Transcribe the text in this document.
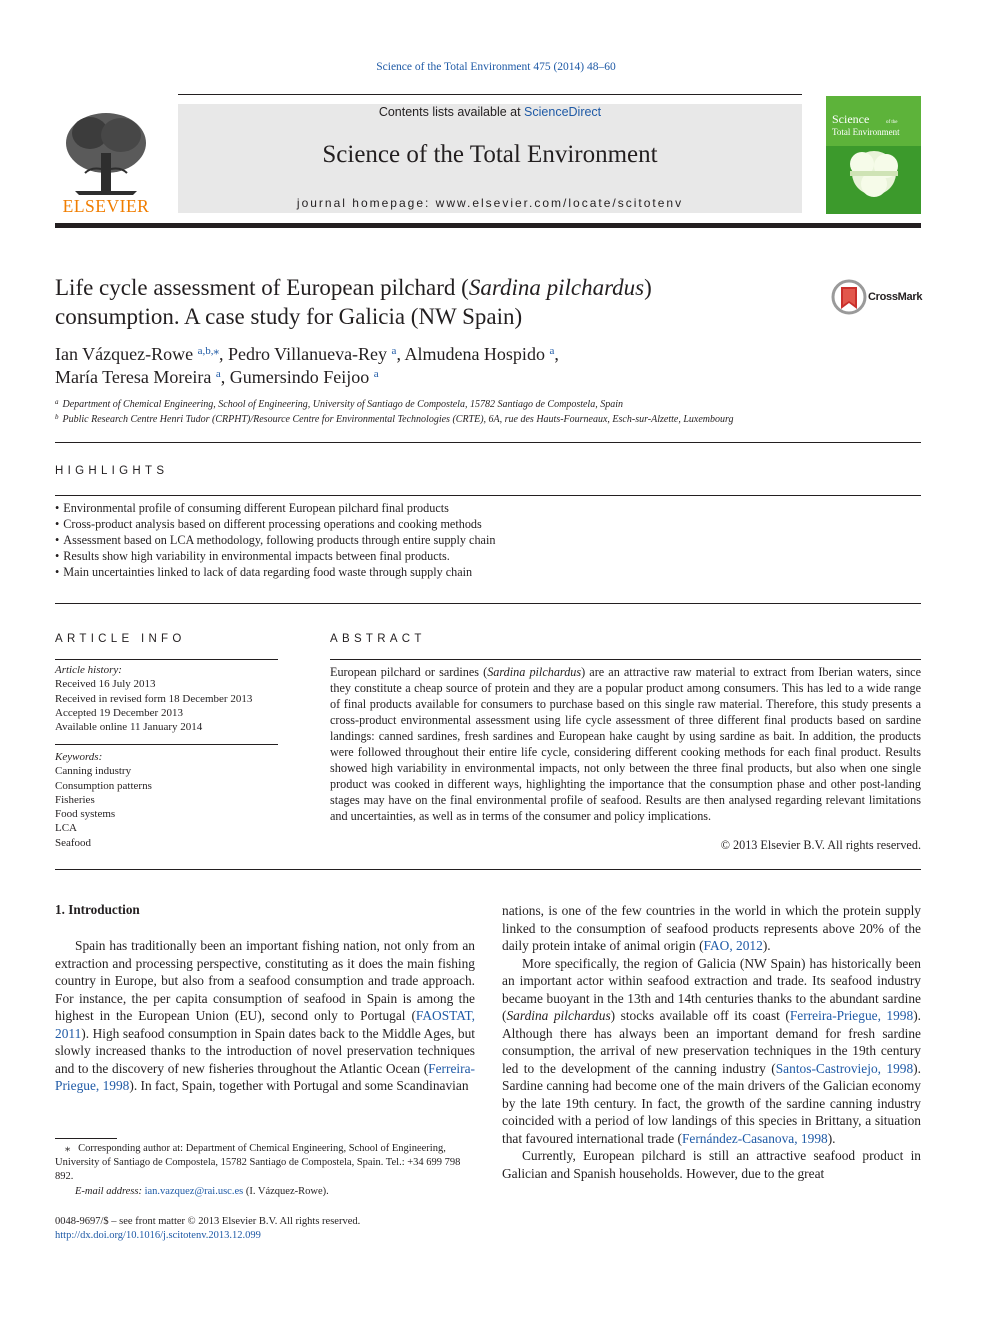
Science of the Total Environment 475 (2014) 48–60
ELSEVIER
Contents lists available at ScienceDirect
Science of the Total Environment
journal homepage: www.elsevier.com/locate/scitotenv
Science	of the
Total Environment
Life cycle assessment of European pilchard (Sardina pilchardus)
consumption. A case study for Galicia (NW Spain)
CrossMark
Ian Vázquez-Rowe $^{a,b,⁎}$, Pedro Villanueva-Rey $^a$, Almudena Hospido $^a$,
María Teresa Moreira $^a$, Gumersindo Feijoo $^a$
$^a$ Department of Chemical Engineering, School of Engineering, University of Santiago de Compostela, 15782 Santiago de Compostela, Spain
$^b$ Public Research Centre Henri Tudor (CRPHT)/Resource Centre for Environmental Technologies (CRTE), 6A, rue des Hauts-Fourneaux, Esch-sur-Alzette, Luxembourg
HIGHLIGHTS
• Environmental profile of consuming different European pilchard final products
• Cross-product analysis based on different processing operations and cooking methods
• Assessment based on LCA methodology, following products through entire supply chain
• Results show high variability in environmental impacts between final products.
• Main uncertainties linked to lack of data regarding food waste through supply chain
ARTICLE INFO
Article history:
Received 16 July 2013
Received in revised form 18 December 2013
Accepted 19 December 2013
Available online 11 January 2014
Keywords:
Canning industry
Consumption patterns
Fisheries
Food systems
LCA
Seafood
ABSTRACT
European pilchard or sardines (Sardina pilchardus) are an attractive raw material to extract from Iberian waters, since they constitute a cheap source of protein and they are a popular product among consumers. This has led to a wide range of final products available for consumers to purchase based on this single raw material. Therefore, this study presents a cross-product environmental assessment using life cycle assessment of three different final products based on sardine landings: canned sardines, fresh sardines and European hake caught by using sardine as bait. In addition, the products were followed throughout their entire life cycle, considering different cooking methods for each final product. Results showed high variability in environmental impacts, not only between the three final products, but also when one single product was cooked in different ways, highlighting the importance that the consumption phase and other post-landing stages may have on the final environmental profile of seafood. Results are then analysed regarding relevant limitations and uncertainties, as well as in terms of the consumer and policy implications.
© 2013 Elsevier B.V. All rights reserved.
1. Introduction

Spain has traditionally been an important fishing nation, not only from an extraction and processing perspective, constituting as it does the main fishing country in Europe, but also from a seafood consumption and trade approach. For instance, the per capita consumption of seafood in Spain is among the highest in the European Union (EU), second only to Portugal (FAOSTAT, 2011). High seafood consumption in Spain dates back to the Middle Ages, but slowly increased thanks to the introduction of novel preservation techniques and to the discovery of new fisheries throughout the Atlantic Ocean (Ferreira-Priegue, 1998). In fact, Spain, together with Portugal and some Scandinavian

nations, is one of the few countries in the world in which the protein supply linked to the consumption of seafood products represents above 20% of the daily protein intake of animal origin (FAO, 2012).

More specifically, the region of Galicia (NW Spain) has historically been an important actor within seafood extraction and trade. Its seafood industry became buoyant in the 13th and 14th centuries thanks to the abundant sardine (Sardina pilchardus) stocks available off its coast (Ferreira-Priegue, 1998). Although there has always been an important demand for fresh sardine consumption, the arrival of new preservation techniques in the 19th century led to the development of the canning industry (Santos-Castroviejo, 1998). Sardine canning had become one of the main drivers of the Galician economy by the late 19th century. In fact, the growth of the sardine canning industry coincided with a period of low landings of this species in Brittany, a situation that favoured international trade (Fernández-Casanova, 1998).

Currently, European pilchard is still an attractive seafood product in Galician and Spanish households. However, due to the great

⁎ Corresponding author at: Department of Chemical Engineering, School of Engineering, University of Santiago de Compostela, 15782 Santiago de Compostela, Spain. Tel.: +34 699 798 892.
E-mail address: ian.vazquez@rai.usc.es (I. Vázquez-Rowe).
0048-9697/$ – see front matter © 2013 Elsevier B.V. All rights reserved.
http://dx.doi.org/10.1016/j.scitotenv.2013.12.099
